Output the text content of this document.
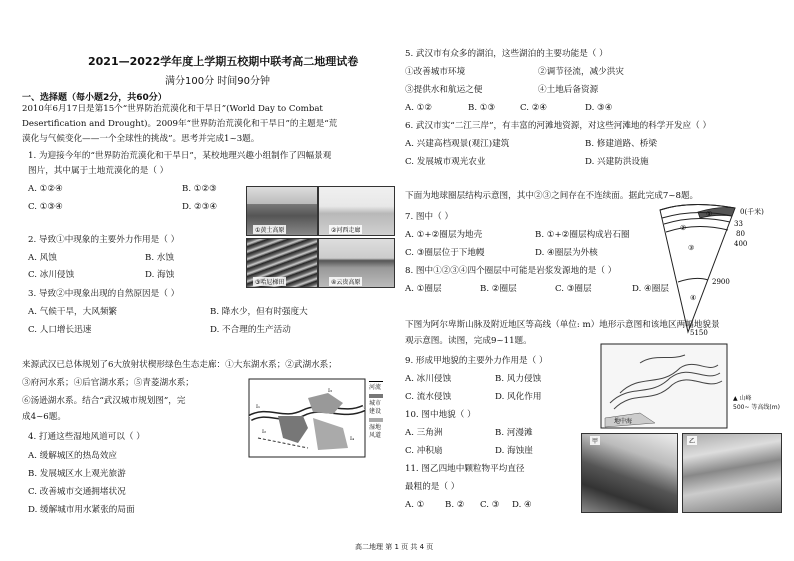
2021—2022学年度上学期五校期中联考高二地理试卷
满分100分 时间90分钟
一、选择题（每小题2分，共60分）
2010年6月17日是第15个“世界防治荒漠化和干旱日”(World Day to Combat
Desertification and Drought)。2009年“世界防治荒漠化和干旱日”的主题是“荒
漠化与气候变化——一个全球性的挑战”。思考并完成1~3题。
1. 为迎接今年的“世界防治荒漠化和干旱日”，某校地理兴趣小组制作了四幅景观
图片，其中属于土地荒漠化的是（ ）
A. ①②④	B. ①②③
C. ①③④	D. ②③④
①黄土高原	②河西走廊
③哈尼梯田	④云贵高原
2. 导致①中现象的主要外力作用是（ ）
A. 风蚀	B. 水蚀
C. 冰川侵蚀	D. 海蚀
3. 导致②中现象出现的自然原因是（ ）
A. 气候干旱，大风频繁	B. 降水少，但有时强度大
C. 人口增长迅速	D. 不合理的生产活动
来源武汉已总体规划了6大放射状楔形绿色生态走廊：①大东湖水系；②武湖水系；
③府河水系；④后官湖水系；⑤青菱湖水系；
⑥汤逊湖水系。结合“武汉城市规划图”，完
成4~6题。
I₁
I₂
I₃
I₄
河流
城市
建设
湿地
风道
4. 打通这些湿地风道可以（ ）
A. 缓解城区的热岛效应
B. 发展城区水上观光旅游
C. 改善城市交通拥堵状况
D. 缓解城市用水紧张的局面
5. 武汉市有众多的湖泊，这些湖泊的主要功能是（ ）
①改善城市环境	②调节径流，减少洪灾
③提供水和航运之便	④土地后备资源
A. ①②	B. ①③	C. ②④	D. ③④
6. 武汉市实“二江三岸”，有丰富的河滩地资源，对这些河滩地的科学开发应（ ）
A. 兴建高档观景(观江)建筑	B. 修建道路、桥梁
C. 发展城市观光农业	D. 兴建防洪设施
下面为地球圈层结构示意图，其中②③之间存在不连续面。据此完成7~8题。
①
②
③
④
0(千米)
33
80
400
2900
5150
7. 图中（ ）
A. ①+②圈层为地壳	B. ①+②圈层构成岩石圈
C. ③圈层位于下地幔	D. ④圈层为外核
8. 图中①②③④四个圈层中可能是岩浆发源地的是（ ）
A. ①圈层	B. ②圈层	C. ③圈层	D. ④圈层
下图为阿尔卑斯山脉及附近地区等高线（单位: m）地形示意图和该地区两幅地貌景
观示意图。读图，完成9~11题。
地中海
▲ 山峰
500~ 等高线(m)
甲	乙
9. 形成甲地貌的主要外力作用是（ ）
A. 冰川侵蚀	B. 风力侵蚀
C. 流水侵蚀	D. 风化作用
10. 图中地貌（ ）
A. 三角洲	B. 河漫滩
C. 冲积扇	D. 海蚀崖
11. 图乙四地中颗粒物平均直径
最粗的是（ ）
A. ① B. ② C. ③ D. ④
高二地理 第 1 页 共 4 页
